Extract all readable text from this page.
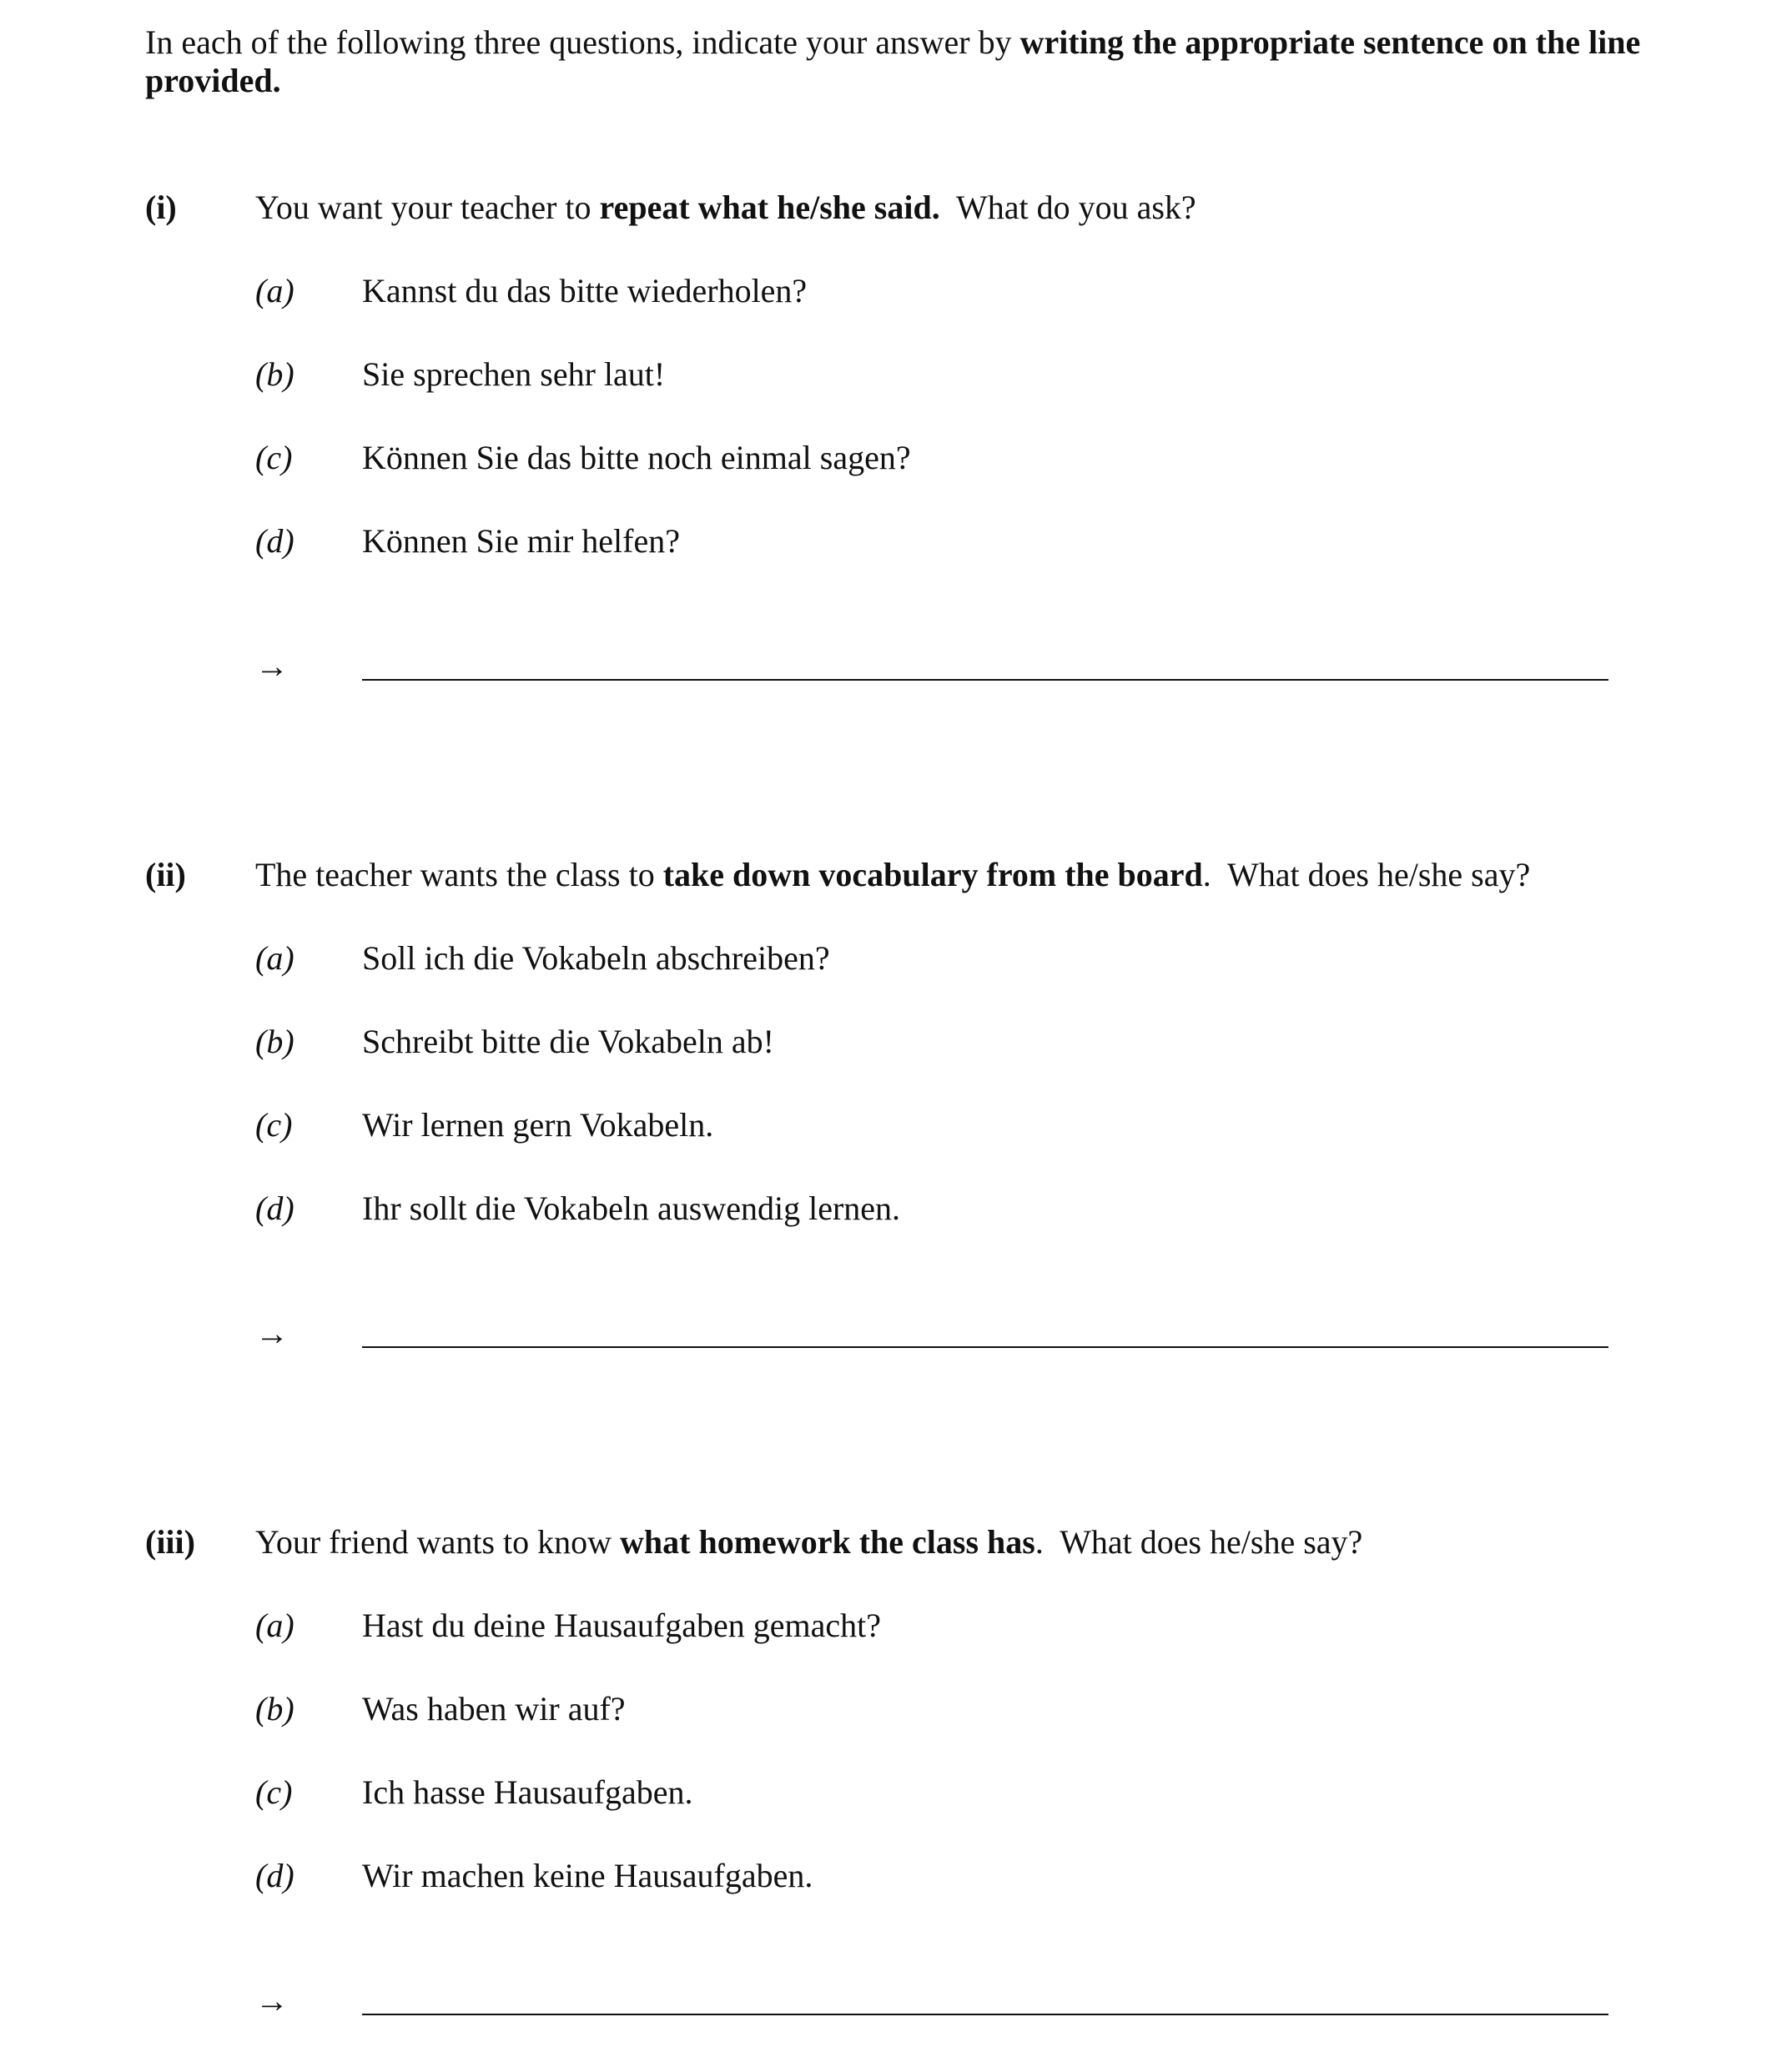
In each of the following three questions, indicate your answer by writing the appropriate sentence on the line provided.
(i) You want your teacher to repeat what he/she said.  What do you ask?
(a) Kannst du das bitte wiederholen?
(b) Sie sprechen sehr laut!
(c) Können Sie das bitte noch einmal sagen?
(d) Können Sie mir helfen?
→
(ii) The teacher wants the class to take down vocabulary from the board.  What does he/she say?
(a) Soll ich die Vokabeln abschreiben?
(b) Schreibt bitte die Vokabeln ab!
(c) Wir lernen gern Vokabeln.
(d) Ihr sollt die Vokabeln auswendig lernen.
→
(iii) Your friend wants to know what homework the class has.  What does he/she say?
(a) Hast du deine Hausaufgaben gemacht?
(b) Was haben wir auf?
(c) Ich hasse Hausaufgaben.
(d) Wir machen keine Hausaufgaben.
→
